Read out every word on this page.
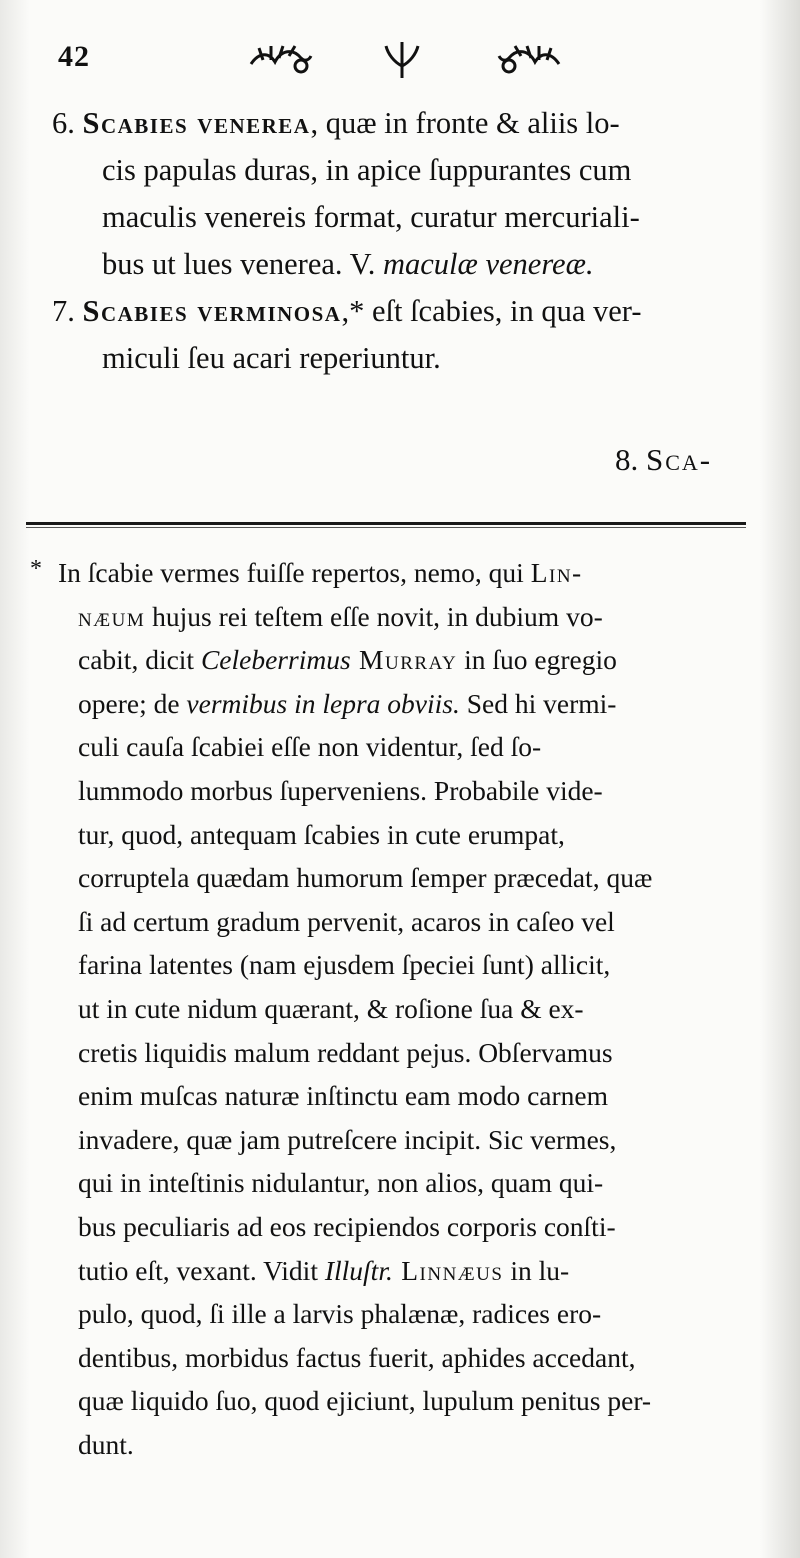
42
6. Scabies venerea, quæ in fronte & aliis lo-
cis papulas duras, in apice ſuppurantes cum
maculis venereis format, curatur mercuriali-
bus ut lues venerea. V. maculæ venereæ.
7. Scabies verminosa,* eſt ſcabies, in qua ver-
miculi ſeu acari reperiuntur.
8. Sca-
* In ſcabie vermes fuiſſe repertos, nemo, qui Lin-
næum hujus rei teſtem eſſe novit, in dubium vo-
cabit, dicit Celeberrimus Murray in ſuo egregio
opere; de vermibus in lepra obviis. Sed hi vermi-
culi cauſa ſcabiei eſſe non videntur, ſed ſo-
lummodo morbus ſuperveniens. Probabile vide-
tur, quod, antequam ſcabies in cute erumpat,
corruptela quædam humorum ſemper præcedat, quæ
ſi ad certum gradum pervenit, acaros in caſeo vel
farina latentes (nam ejusdem ſpeciei ſunt) allicit,
ut in cute nidum quærant, & roſione ſua & ex-
cretis liquidis malum reddant pejus. Obſervamus
enim muſcas naturæ inſtinctu eam modo carnem
invadere, quæ jam putreſcere incipit. Sic vermes,
qui in inteſtinis nidulantur, non alios, quam qui-
bus peculiaris ad eos recipiendos corporis conſti-
tutio eſt, vexant. Vidit Illuſtr. Linnæus in lu-
pulo, quod, ſi ille a larvis phalænæ, radices ero-
dentibus, morbidus factus fuerit, aphides accedant,
quæ liquido ſuo, quod ejiciunt, lupulum penitus per-
dunt.
